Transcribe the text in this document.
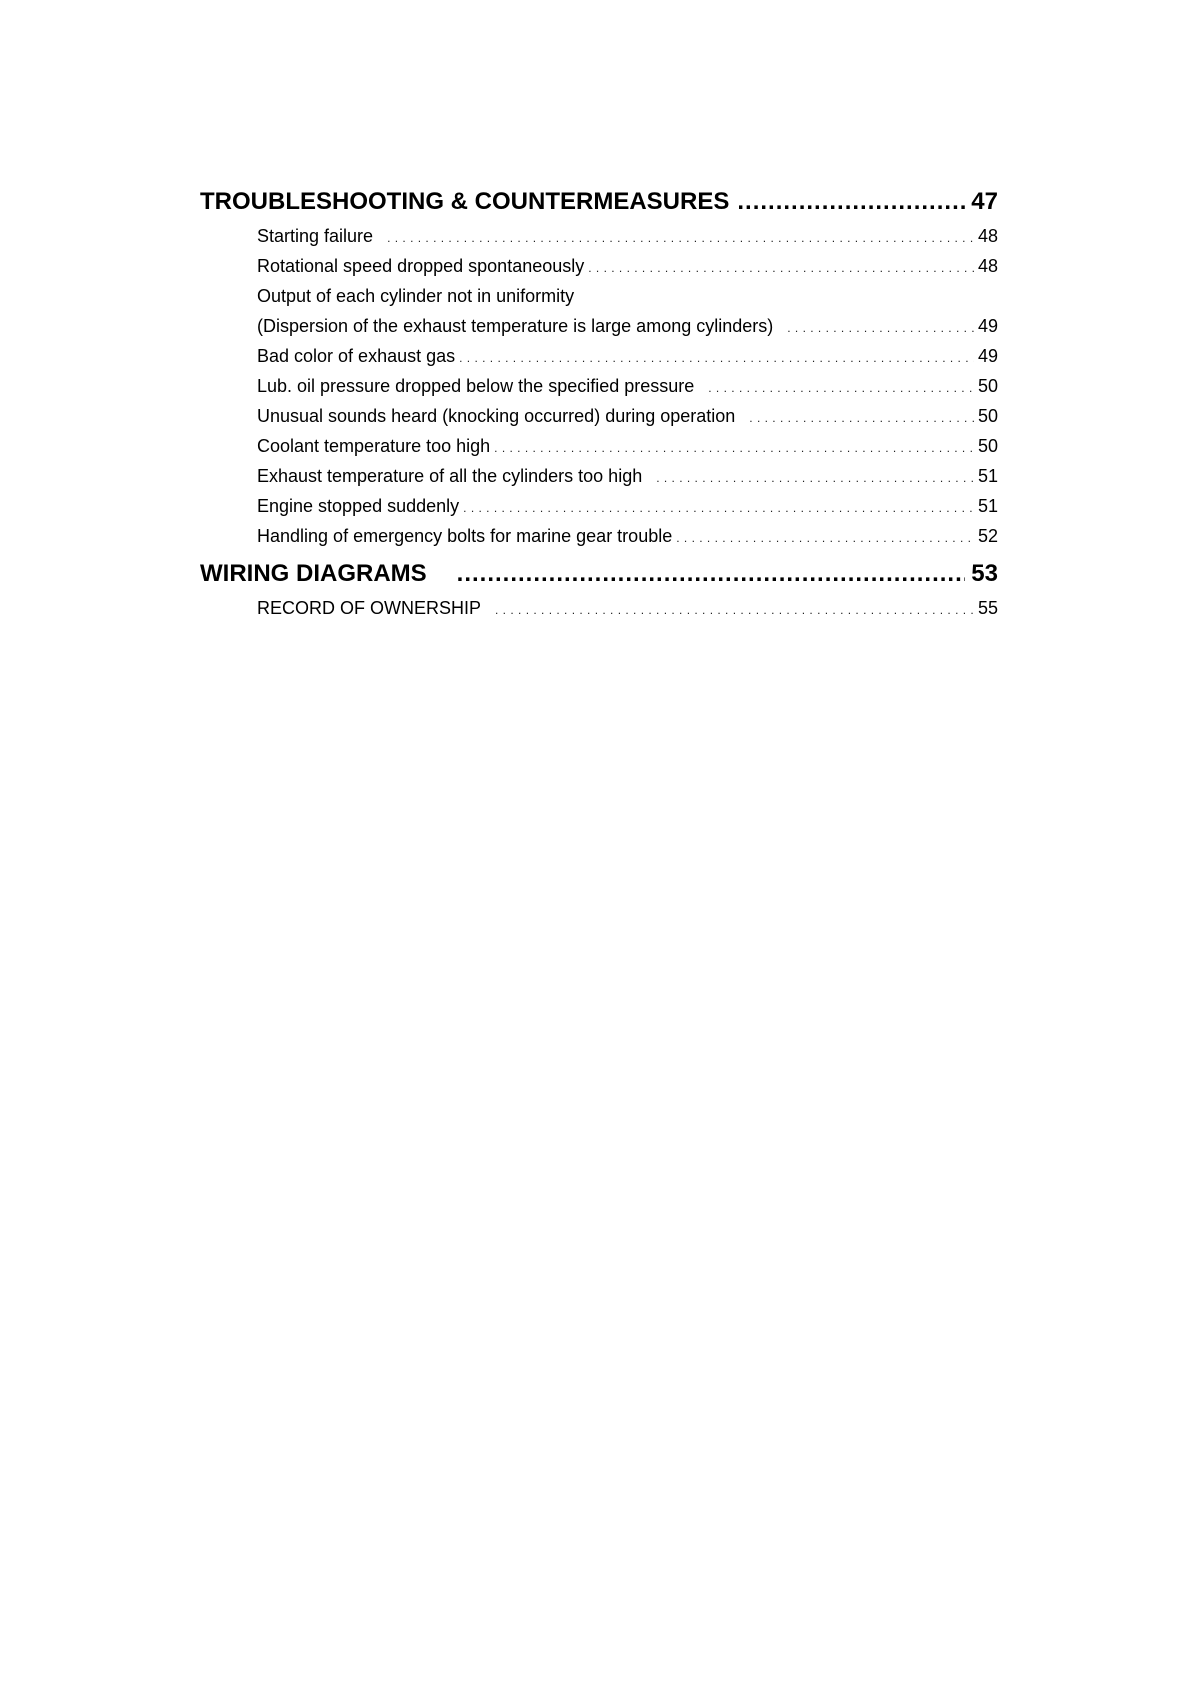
TROUBLESHOOTING & COUNTERMEASURES .....	47
Starting failure . . .	48
Rotational speed dropped spontaneously . . .	48
Output of each cylinder not in uniformity
(Dispersion of the exhaust temperature is large among cylinders) . . .	49
Bad color of exhaust gas . . .	49
Lub. oil pressure dropped below the specified pressure . . .	50
Unusual sounds heard (knocking occurred) during operation . . .	50
Coolant temperature too high . . .	50
Exhaust temperature of all the cylinders too high . . .	51
Engine stopped suddenly . . .	51
Handling of emergency bolts for marine gear trouble . . .	52
WIRING DIAGRAMS .....	53
RECORD OF OWNERSHIP . . .	55
